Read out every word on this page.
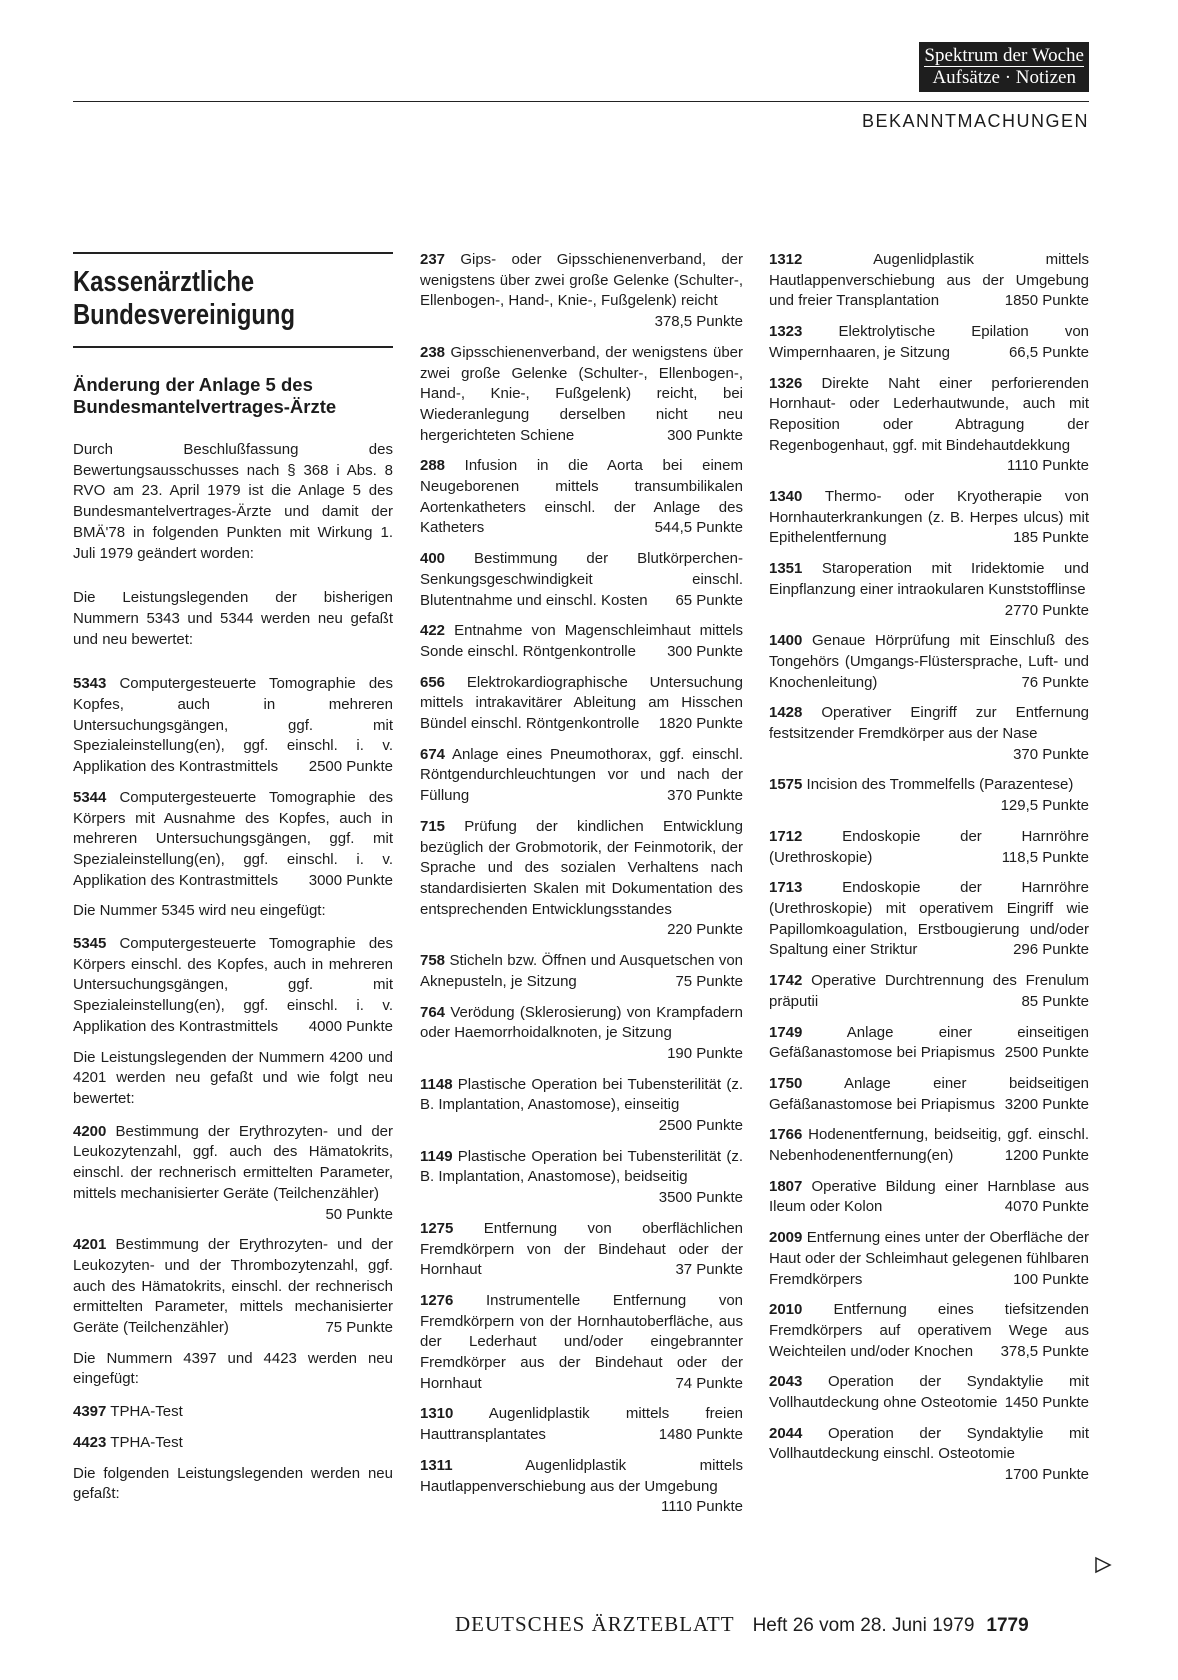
Spektrum der Woche
Aufsätze · Notizen
BEKANNTMACHUNGEN
Kassenärztliche
Bundesvereinigung
Änderung der Anlage 5 des
Bundesmantelvertrages-Ärzte

Durch Beschlußfassung des Bewertungsausschusses nach § 368 i Abs. 8 RVO am 23. April 1979 ist die Anlage 5 des Bundesmantelvertrages-Ärzte und damit der BMÄ'78 in folgenden Punkten mit Wirkung 1. Juli 1979 geändert worden:

Die Leistungslegenden der bisherigen Nummern 5343 und 5344 werden neu gefaßt und neu bewertet:

5343 Computergesteuerte Tomographie des Kopfes, auch in mehreren Untersuchungsgängen, ggf. mit Spezialeinstellung(en), ggf. einschl. i. v. Applikation des Kontrastmittels	2500 Punkte

5344 Computergesteuerte Tomographie des Körpers mit Ausnahme des Kopfes, auch in mehreren Untersuchungsgängen, ggf. mit Spezialeinstellung(en), ggf. einschl. i. v. Applikation des Kontrastmittels	3000 Punkte

Die Nummer 5345 wird neu eingefügt:

5345 Computergesteuerte Tomographie des Körpers einschl. des Kopfes, auch in mehreren Untersuchungsgängen, ggf. mit Spezialeinstellung(en), ggf. einschl. i. v. Applikation des Kontrastmittels	4000 Punkte

Die Leistungslegenden der Nummern 4200 und 4201 werden neu gefaßt und wie folgt neu bewertet:

4200 Bestimmung der Erythrozyten- und der Leukozytenzahl, ggf. auch des Hämatokrits, einschl. der rechnerisch ermittelten Parameter, mittels mechanisierter Geräte (Teilchenzähler)
50 Punkte

4201 Bestimmung der Erythrozyten- und der Leukozyten- und der Thrombozytenzahl, ggf. auch des Hämatokrits, einschl. der rechnerisch ermittelten Parameter, mittels mechanisierter Geräte (Teilchenzähler)	75 Punkte

Die Nummern 4397 und 4423 werden neu eingefügt:

4397 TPHA-Test

4423 TPHA-Test

Die folgenden Leistungslegenden werden neu gefaßt:

237 Gips- oder Gipsschienenverband, der wenigstens über zwei große Gelenke (Schulter-, Ellenbogen-, Hand-, Knie-, Fußgelenk) reicht
378,5 Punkte

238 Gipsschienenverband, der wenigstens über zwei große Gelenke (Schulter-, Ellenbogen-, Hand-, Knie-, Fußgelenk) reicht, bei Wiederanlegung derselben nicht neu hergerichteten Schiene	300 Punkte

288 Infusion in die Aorta bei einem Neugeborenen mittels transumbilikalen Aortenkatheters einschl. der Anlage des Katheters	544,5 Punkte

400 Bestimmung der Blutkörperchen-Senkungsgeschwindigkeit einschl. Blutentnahme und einschl. Kosten	65 Punkte

422 Entnahme von Magenschleimhaut mittels Sonde einschl. Röntgenkontrolle	300 Punkte

656 Elektrokardiographische Untersuchung mittels intrakavitärer Ableitung am Hisschen Bündel einschl. Röntgenkontrolle	1820 Punkte

674 Anlage eines Pneumothorax, ggf. einschl. Röntgendurchleuchtungen vor und nach der Füllung	370 Punkte

715 Prüfung der kindlichen Entwicklung bezüglich der Grobmotorik, der Feinmotorik, der Sprache und des sozialen Verhaltens nach standardisierten Skalen mit Dokumentation des entsprechenden Entwicklungsstandes
220 Punkte

758 Sticheln bzw. Öffnen und Ausquetschen von Aknepusteln, je Sitzung	75 Punkte

764 Verödung (Sklerosierung) von Krampfadern oder Haemorrhoidalknoten, je Sitzung
190 Punkte

1148 Plastische Operation bei Tubensterilität (z. B. Implantation, Anastomose), einseitig
2500 Punkte

1149 Plastische Operation bei Tubensterilität (z. B. Implantation, Anastomose), beidseitig
3500 Punkte

1275 Entfernung von oberflächlichen Fremdkörpern von der Bindehaut oder der Hornhaut	37 Punkte

1276 Instrumentelle Entfernung von Fremdkörpern von der Hornhautoberfläche, aus der Lederhaut und/oder eingebrannter Fremdkörper aus der Bindehaut oder der Hornhaut	74 Punkte

1310 Augenlidplastik mittels freien Hauttransplantates	1480 Punkte

1311	Augenlidplastik mittels Hautlappenverschiebung aus der Umgebung
1110 Punkte

1312	Augenlidplastik mittels Hautlappenverschiebung aus der Umgebung und freier Transplantation	1850 Punkte

1323 Elektrolytische Epilation von Wimpernhaaren, je Sitzung	66,5 Punkte

1326 Direkte Naht einer perforierenden Hornhaut- oder Lederhautwunde, auch mit Reposition oder Abtragung der Regenbogenhaut, ggf. mit Bindehautdekkung
1110 Punkte

1340 Thermo- oder Kryotherapie von Hornhauterkrankungen (z. B. Herpes ulcus) mit Epithelentfernung	185 Punkte

1351 Staroperation mit Iridektomie und Einpflanzung einer intraokularen Kunststofflinse
2770 Punkte

1400 Genaue Hörprüfung mit Einschluß des Tongehörs (Umgangs-Flüstersprache, Luft- und Knochenleitung)	76 Punkte

1428 Operativer Eingriff zur Entfernung festsitzender Fremdkörper aus der Nase
370 Punkte

1575 Incision des Trommelfells (Parazentese)
129,5 Punkte

1712	Endoskopie der Harnröhre (Urethroskopie)	118,5 Punkte

1713	Endoskopie der Harnröhre (Urethroskopie) mit operativem Eingriff wie Papillomkoagulation, Erstbougierung und/oder Spaltung einer Striktur	296 Punkte

1742 Operative Durchtrennung des Frenulum präputii	85 Punkte

1749	Anlage einer einseitigen Gefäßanastomose bei Priapismus 2500 Punkte

1750	Anlage einer beidseitigen Gefäßanastomose bei Priapismus 3200 Punkte

1766 Hodenentfernung, beidseitig, ggf. einschl. Nebenhodenentfernung(en)	1200 Punkte

1807 Operative Bildung einer Harnblase aus Ileum oder Kolon	4070 Punkte

2009 Entfernung eines unter der Oberfläche der Haut oder der Schleimhaut gelegenen fühlbaren Fremdkörpers	100 Punkte

2010 Entfernung eines tiefsitzenden Fremdkörpers auf operativem Wege aus Weichteilen und/oder Knochen	378,5 Punkte

2043 Operation der Syndaktylie mit Vollhautdeckung ohne Osteotomie 1450 Punkte

2044 Operation der Syndaktylie mit Vollhautdeckung einschl. Osteotomie
1700 Punkte

DEUTSCHES ÄRZTEBLATT Heft 26 vom 28. Juni 1979 1779
